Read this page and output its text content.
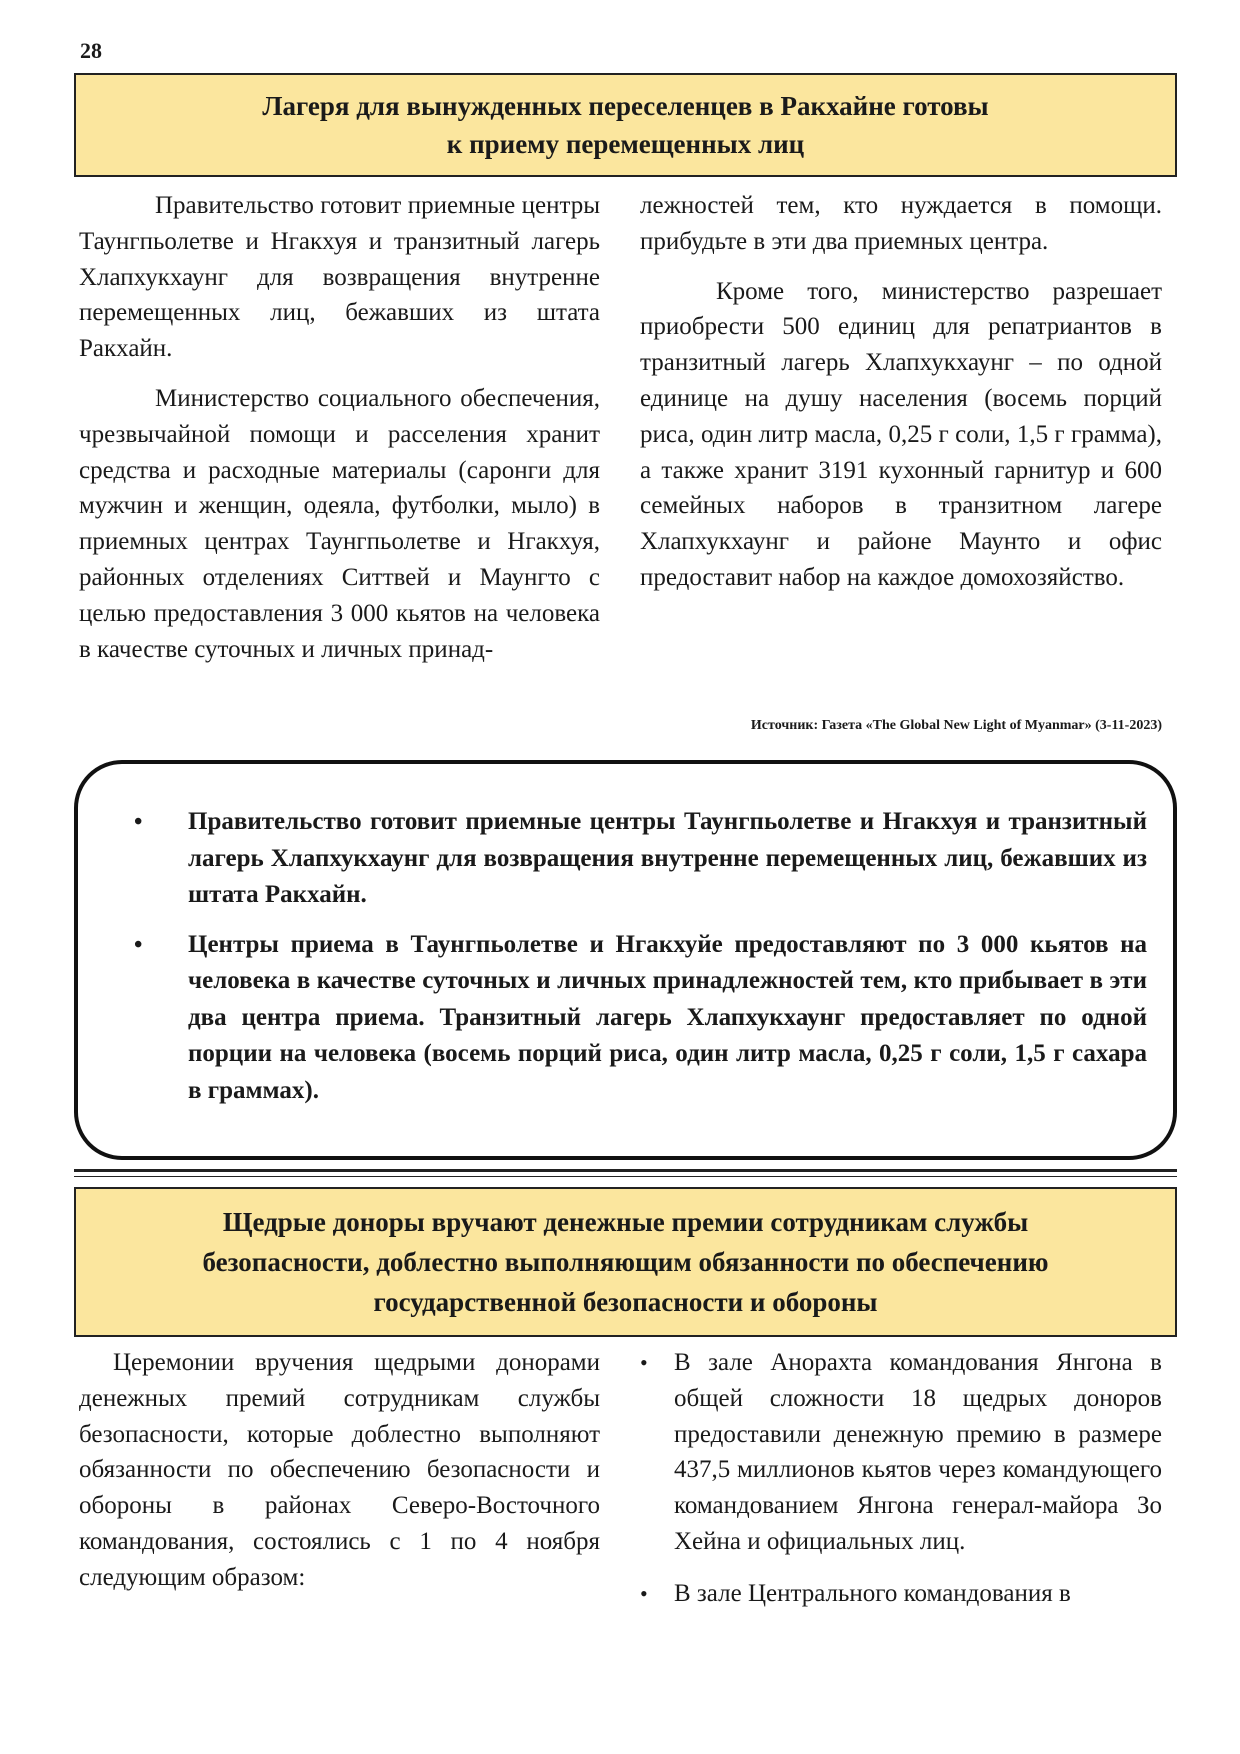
28
Лагеря для вынужденных переселенцев в Ракхайне готовы
к приему перемещенных лиц

Правительство готовит приемные центры Таунгпьолетве и Нгакхуя и транзитный лагерь Хлапхукхаунг для возвращения внутренне перемещенных лиц, бежавших из штата Ракхайн.

Министерство социального обеспечения, чрезвычайной помощи и расселения хранит средства и расходные материалы (саронги для мужчин и женщин, одеяла, футболки, мыло) в приемных центрах Таунгпьолетве и Нгакхуя, районных отделениях Ситтвей и Маунгто с целью предоставления 3 000 кьятов на человека в качестве суточных и личных принад-

лежностей тем, кто нуждается в помощи. прибудьте в эти два приемных центра.

Кроме того, министерство разрешает приобрести 500 единиц для репатриантов в транзитный лагерь Хлапхукхаунг – по одной единице на душу населения (восемь порций риса, один литр масла, 0,25 г соли, 1,5 г грамма), а также хранит 3191 кухонный гарнитур и 600 семейных наборов в транзитном лагере Хлапхукхаунг и районе Маунто и офис предоставит набор на каждое домохозяйство.

Источник: Газета «The Global New Light of Myanmar» (3-11-2023)
• Правительство готовит приемные центры Таунгпьолетве и Нгакхуя и транзитный лагерь Хлапхукхаунг для возвращения внутренне перемещенных лиц, бежавших из штата Ракхайн.
• Центры приема в Таунгпьолетве и Нгакхуйе предоставляют по 3 000 кьятов на человека в качестве суточных и личных принадлежностей тем, кто прибывает в эти два центра приема. Транзитный лагерь Хлапхукхаунг предоставляет по одной порции на человека (восемь порций риса, один литр масла, 0,25 г соли, 1,5 г сахара в граммах).
Щедрые доноры вручают денежные премии сотрудникам службы
безопасности, доблестно выполняющим обязанности по обеспечению
государственной безопасности и обороны

Церемонии вручения щедрыми донорами денежных премий сотрудникам службы безопасности, которые доблестно выполняют обязанности по обеспечению безопасности и обороны в районах Северо-Восточного командования, состоялись с 1 по 4 ноября следующим образом:

• В зале Анорахта командования Янгона в общей сложности 18 щедрых доноров предоставили денежную премию в размере 437,5 миллионов кьятов через командующего командованием Янгона генерал-майора Зо Хейна и официальных лиц.
• В зале Центрального командования в
